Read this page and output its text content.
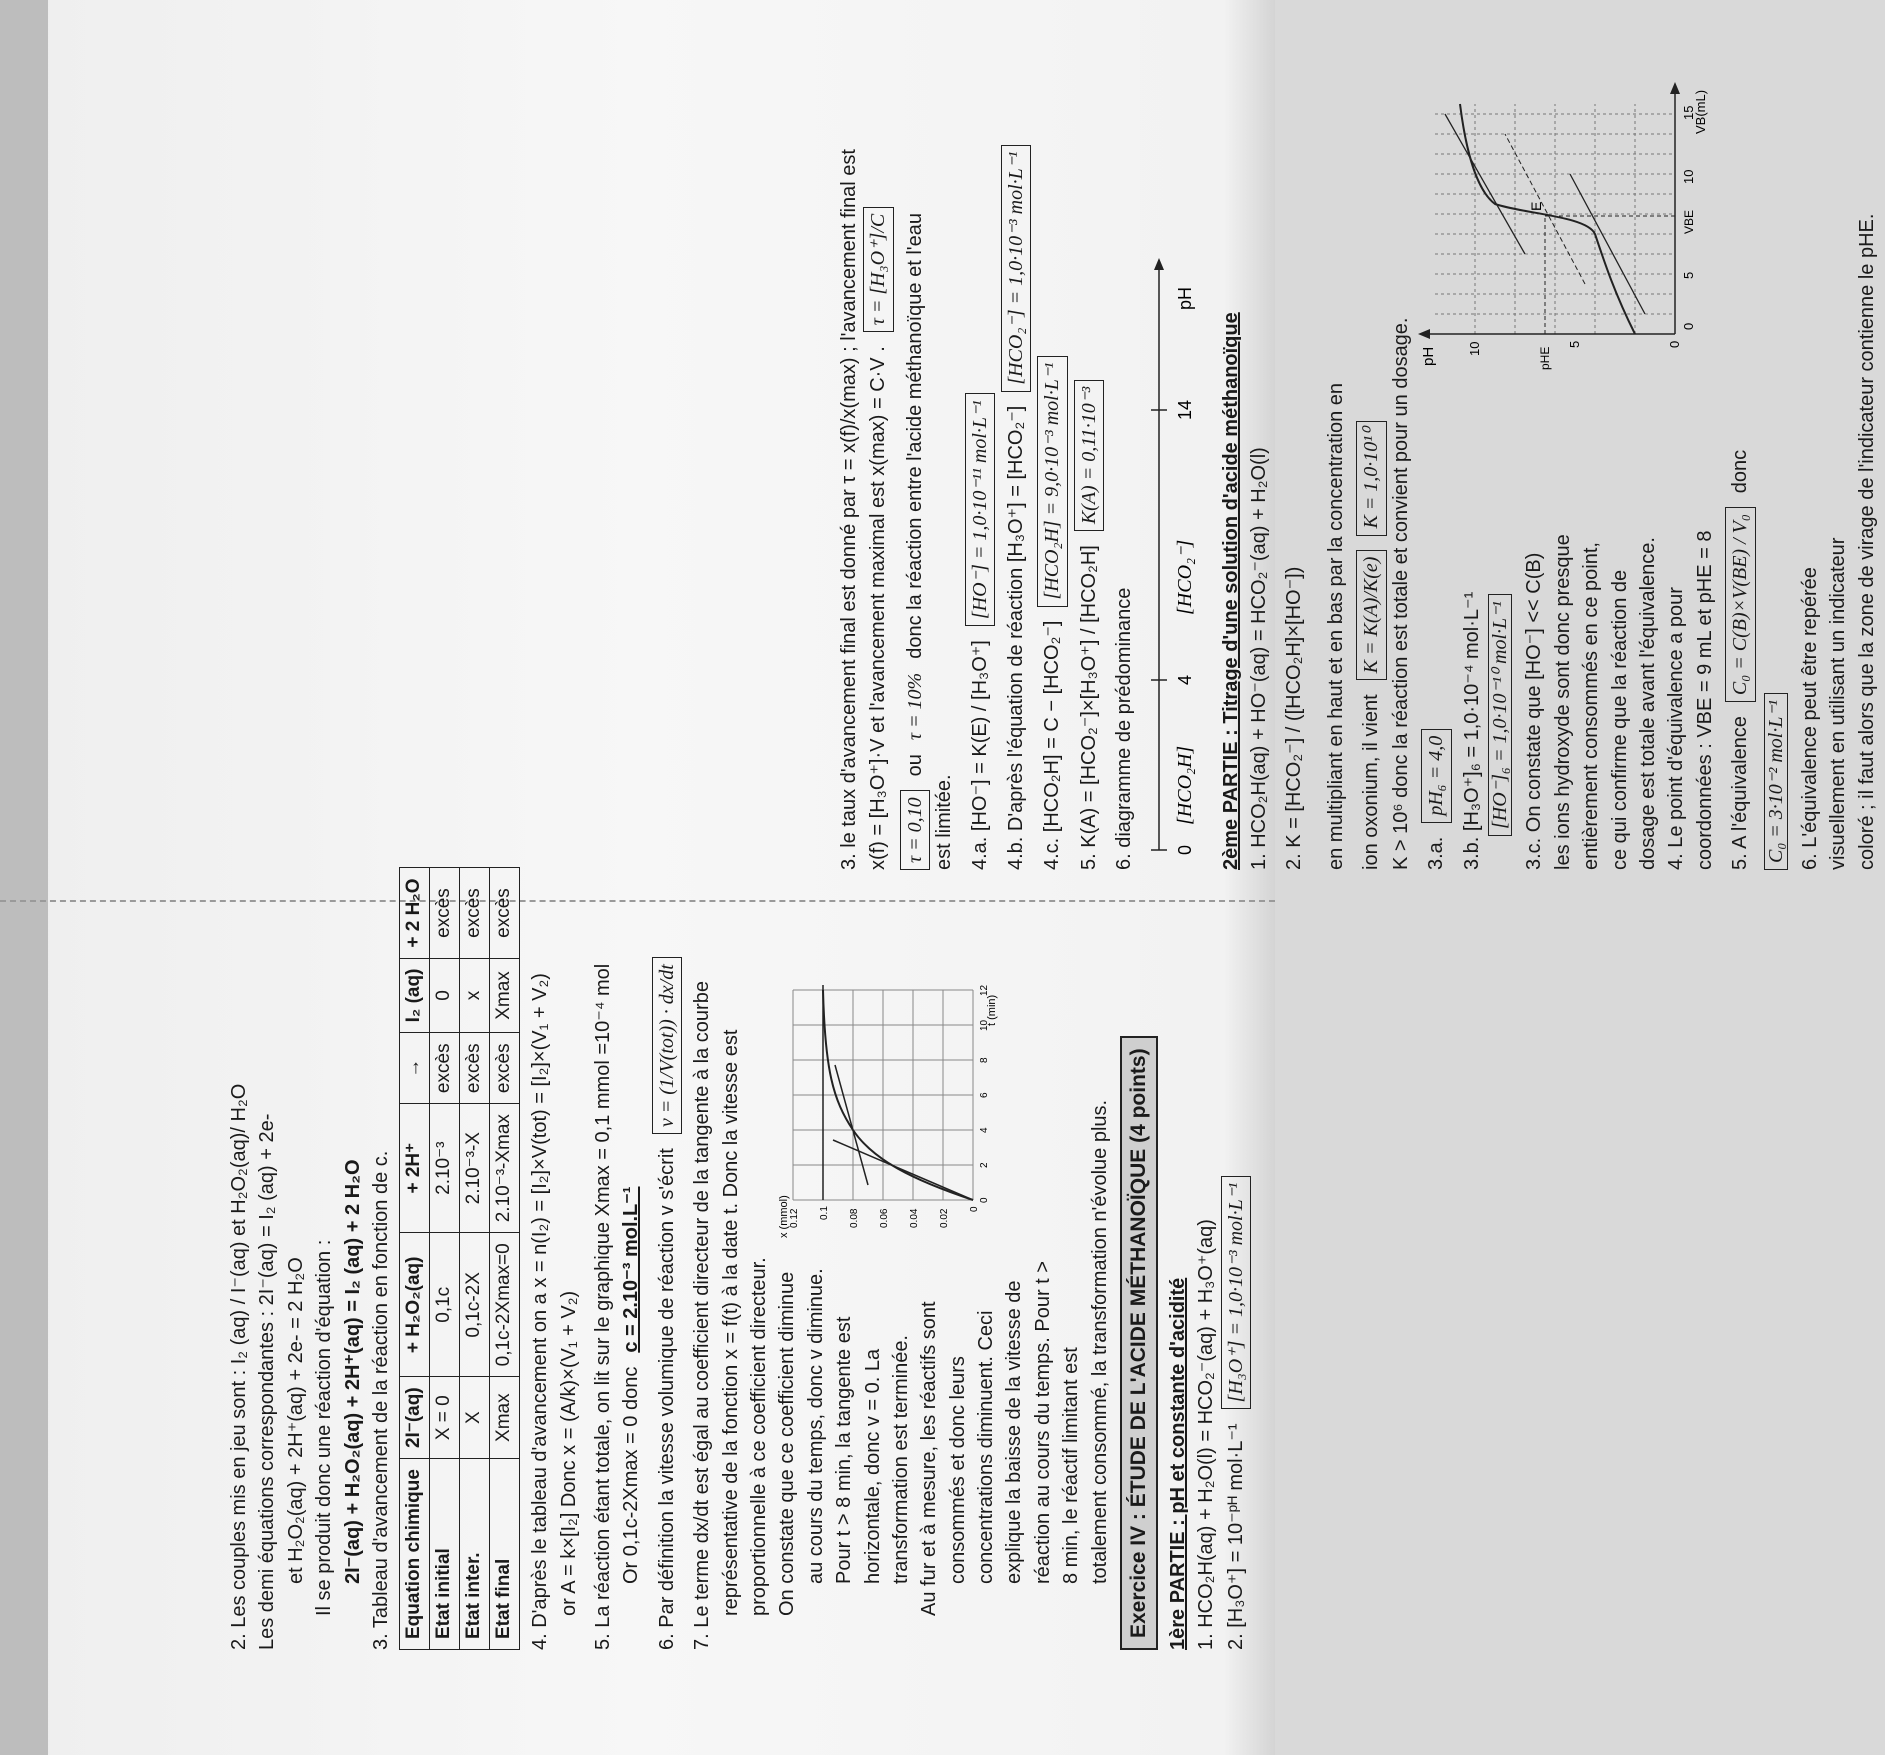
2. Les couples mis en jeu sont : I₂ (aq) / I⁻(aq) et H₂O₂(aq)/ H₂O Les demi équations correspondantes : 2I⁻(aq) = I₂ (aq) + 2e- et H₂O₂(aq) + 2H⁺(aq) + 2e- = 2 H₂O Il se produit donc une réaction d'équation : 2I⁻(aq) + H₂O₂(aq) + 2H⁺(aq) = I₂ (aq) + 2 H₂O 3. Tableau d'avancement de la réaction en fonction de c. Equation chimique	2I⁻(aq)	+ H₂O₂(aq)	+ 2H⁺	→	I₂ (aq)	+ 2 H₂O
Etat initial	X = 0	0,1c	2.10⁻³	excès	0	excès
Etat inter.	X	0,1c-2X	2.10⁻³-X	excès	x	excès
Etat final	Xmax	0,1c-2Xmax=0	2.10⁻³-Xmax	excès	Xmax	excès
4. D'après le tableau d'avancement on a x = n(I₂) = [I₂]×V(tot) = [I₂]×(V₁ + V₂) or A = k×[I₂] Donc x = (A/k)×(V₁ + V₂) 5. La réaction étant totale, on lit sur le graphique Xmax = 0,1 mmol =10⁻⁴ mol Or 0,1c-2Xmax = 0 donc
c = 2.10⁻³ mol.L⁻¹ 6. Par définition la vitesse volumique de réaction v s'écrit
v = (1/V(tot)) · dx/dt 7. Le terme dx/dt est égal au coefficient directeur de la tangente à la courbe représentative de la fonction x = f(t) à la date t. Donc la vitesse est proportionnelle à ce coefficient directeur. On constate que ce coefficient diminue au cours du temps, donc v diminue. Pour t > 8 min, la tangente est horizontale, donc v = 0. La transformation est terminée. Au fur et à mesure, les réactifs sont consommés et donc leurs concentrations diminuent. Ceci explique la baisse de la vitesse de réaction au cours du temps. Pour t > 8 min, le réactif limitant est
x (mmol)
t (min)
0
0.02
0.04
0.06
0.08
0.1
0.12
0
2
4
6
8
10
12
totalement consommé, la transformation n'évolue plus. Exercice IV : ÉTUDE DE L'ACIDE MÉTHANOÏQUE (4 points) 1ère PARTIE : pH et constante d'acidité 1. HCO₂H(aq) + H₂O(l) = HCO₂⁻(aq) + H₃O⁺(aq) 2. [H₃O⁺] = 10⁻ᵖᴴ mol·L⁻¹
[H₃O⁺] = 1,0·10⁻³ mol·L⁻¹
3. le taux d'avancement final est donné par τ = x(f)/x(max) ; l'avancement final est x(f) = [H₃O⁺]·V et l'avancement maximal est x(max) = C·V .
τ = [H₃O⁺]/C
τ = 0,10
ou
τ = 10%
donc la réaction entre l'acide méthanoïque et l'eau
est limitée. 4.a. [HO⁻] = K(E) / [H₃O⁺]
[HO⁻] = 1,0·10⁻¹¹ mol·L⁻¹ 4.b. D'après l'équation de réaction [H₃O⁺] = [HCO₂⁻]
[HCO₂⁻] = 1,0·10⁻³ mol·L⁻¹
4.c. [HCO₂H] = C − [HCO₂⁻]
[HCO₂H] = 9,0·10⁻³ mol·L⁻¹
5. K(A) = [HCO₂⁻]×[H₃O⁺] / [HCO₂H]
K(A) = 0,11·10⁻³
6. diagramme de prédominance 0
[HCO₂H]
4
[HCO₂⁻]
14
pH
2ème PARTIE : Titrage d'une solution d'acide méthanoïque 1. HCO₂H(aq) + HO⁻(aq) = HCO₂⁻(aq) + H₂O(l) 2. K = [HCO₂⁻] / ([HCO₂H]×[HO⁻]) en multipliant en haut et en bas par la concentration en ion oxonium, il vient
K = K(A)/K(e)
K = 1,0·10¹⁰ K > 10⁶ donc la réaction est totale et convient pour un dosage. 3.a.
pH₆ = 4,0 3.b. [H₃O⁺]₆ = 1,0·10⁻⁴ mol·L⁻¹ [HO⁻]₆ = 1,0·10⁻¹⁰ mol·L⁻¹ 3.c. On constate que [HO⁻] << C(B) les ions hydroxyde sont donc presque entièrement consommés en ce point, ce qui confirme que la réaction de dosage est totale avant l'équivalence. 4. Le point d'équivalence a pour coordonnées : VBE = 9 mL et pHE = 8 5. A l'équivalence
C₀ = C(B)×V(BE) / V₀
donc
C₀ = 3·10⁻² mol·L⁻¹
E
pH
VB(mL)
pHE
VBE
0
5
10
0
5
10
15
6. L'équivalence peut être repérée visuellement en utilisant un indicateur coloré ; il faut alors que la zone de virage de l'indicateur contienne le pHE.
